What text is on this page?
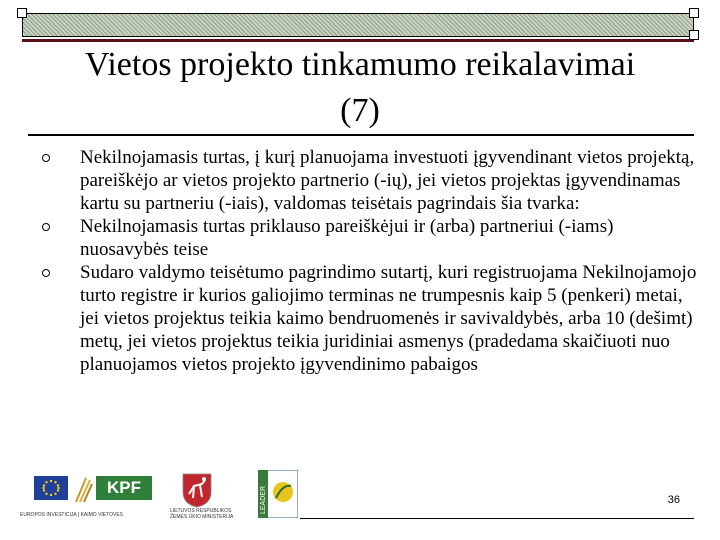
Vietos projekto tinkamumo reikalavimai (7)
Nekilnojamasis turtas, į kurį planuojama investuoti įgyvendinant vietos projektą, pareiškėjo ar vietos projekto partnerio (-ių), jei vietos projektas įgyvendinamas kartu su partneriu (-iais), valdomas teisėtais pagrindais šia tvarka:
Nekilnojamasis turtas priklauso pareiškėjui ir (arba) partneriui (-iams) nuosavybės teise
Sudaro valdymo teisėtumo pagrindimo sutartį, kuri registruojama Nekilnojamojo turto registre ir kurios galiojimo terminas ne trumpesnis kaip 5 (penkeri) metai, jei vietos projektus teikia kaimo bendruomenės ir savivaldybės, arba 10 (dešimt) metų, jei vietos projektus teikia juridiniai asmenys (pradedama skaičiuoti nuo planuojamos vietos projekto įgyvendinimo pabaigos
KPF
EUROPOS INVESTICIJA Į KAIMO VIETOVES
LIETUVOS RESPUBLIKOS ŽEMĖS ŪKIO MINISTERIJA
LEADER	36
